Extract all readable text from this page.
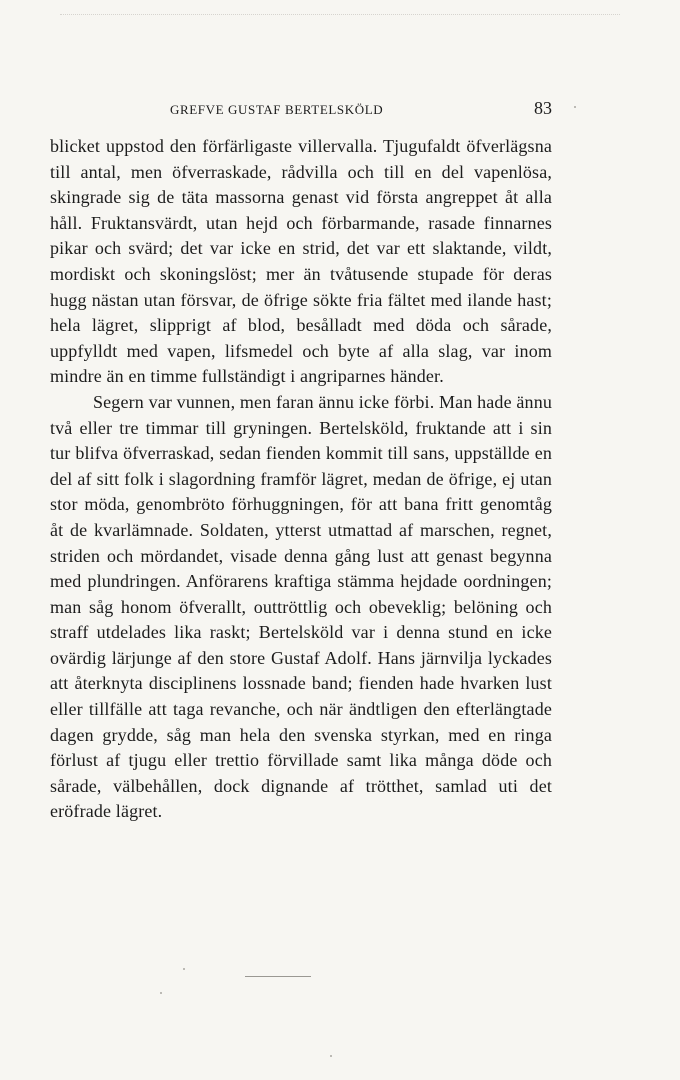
GREFVE GUSTAF BERTELSKÖLD	83

blicket uppstod den förfärligaste villervalla. Tjugufaldt öfverlägsna till antal, men öfverraskade, rådvilla och till en del vapenlösa, skingrade sig de täta massorna genast vid första angreppet åt alla håll. Fruktansvärdt, utan hejd och förbarmande, rasade finnarnes pikar och svärd; det var icke en strid, det var ett slaktande, vildt, mordiskt och skoningslöst; mer än tvåtusende stupade för deras hugg nästan utan försvar, de öfrige sökte fria fältet med ilande hast; hela lägret, slipprigt af blod, besålladt med döda och sårade, uppfylldt med vapen, lifsmedel och byte af alla slag, var inom mindre än en timme fullständigt i angriparnes händer.

Segern var vunnen, men faran ännu icke förbi. Man hade ännu två eller tre timmar till gryningen. Bertelsköld, fruktande att i sin tur blifva öfverraskad, sedan fienden kommit till sans, uppställde en del af sitt folk i slagordning framför lägret, medan de öfrige, ej utan stor möda, genombröto förhuggningen, för att bana fritt genomtåg åt de kvarlämnade. Soldaten, ytterst utmattad af marschen, regnet, striden och mördandet, visade denna gång lust att genast begynna med plundringen. Anförarens kraftiga stämma hejdade oordningen; man såg honom öfverallt, outtröttlig och obeveklig; belöning och straff utdelades lika raskt; Bertelsköld var i denna stund en icke ovärdig lärjunge af den store Gustaf Adolf. Hans järnvilja lyckades att återknyta disciplinens lossnade band; fienden hade hvarken lust eller tillfälle att taga revanche, och när ändtligen den efterlängtade dagen grydde, såg man hela den svenska styrkan, med en ringa förlust af tjugu eller trettio förvillade samt lika många döde och sårade, välbehållen, dock dignande af trötthet, samlad uti det eröfrade lägret.
